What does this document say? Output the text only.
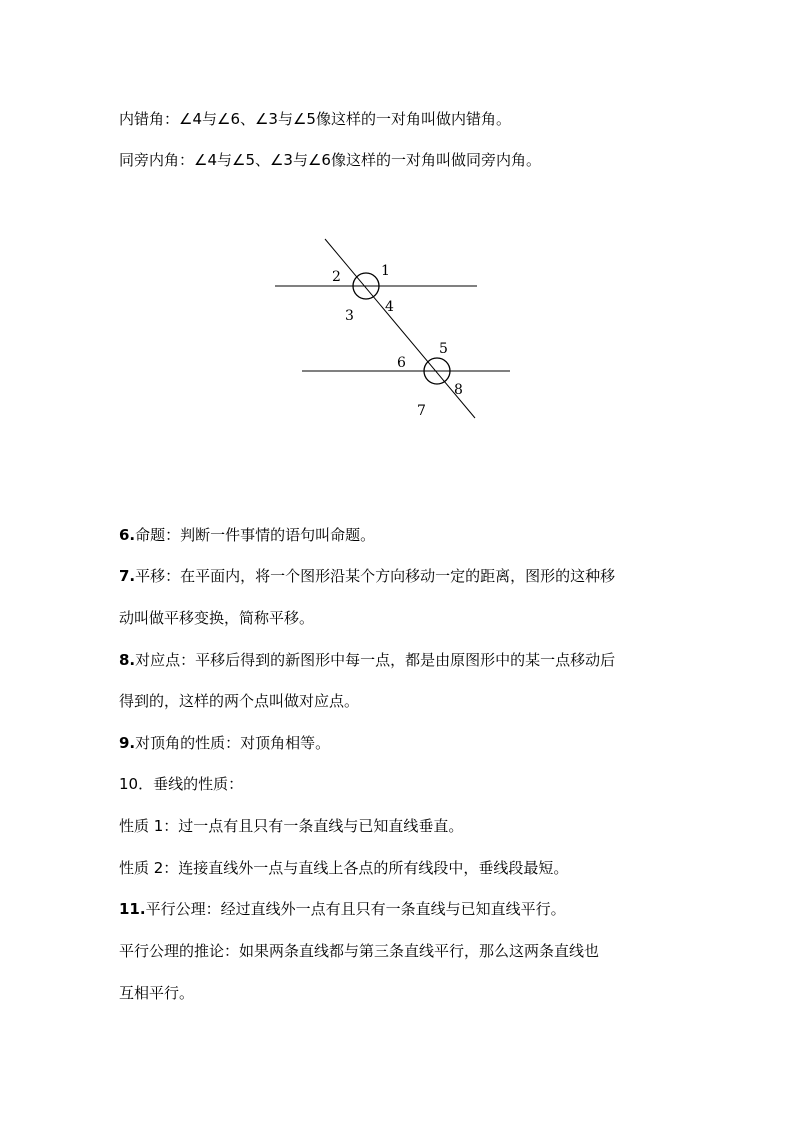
内错角：∠4与∠6、∠3与∠5像这样的一对角叫做内错角。
同旁内角：∠4与∠5、∠3与∠6像这样的一对角叫做同旁内角。
1
2
3
4
5
6
7
8
6.命题：判断一件事情的语句叫命题。
7.平移：在平面内，将一个图形沿某个方向移动一定的距离，图形的这种移
动叫做平移变换，简称平移。
8.对应点：平移后得到的新图形中每一点，都是由原图形中的某一点移动后
得到的，这样的两个点叫做对应点。
9.对顶角的性质：对顶角相等。
10．垂线的性质：
性质 1：过一点有且只有一条直线与已知直线垂直。
性质 2：连接直线外一点与直线上各点的所有线段中，垂线段最短。
11.平行公理：经过直线外一点有且只有一条直线与已知直线平行。
平行公理的推论：如果两条直线都与第三条直线平行，那么这两条直线也
互相平行。
